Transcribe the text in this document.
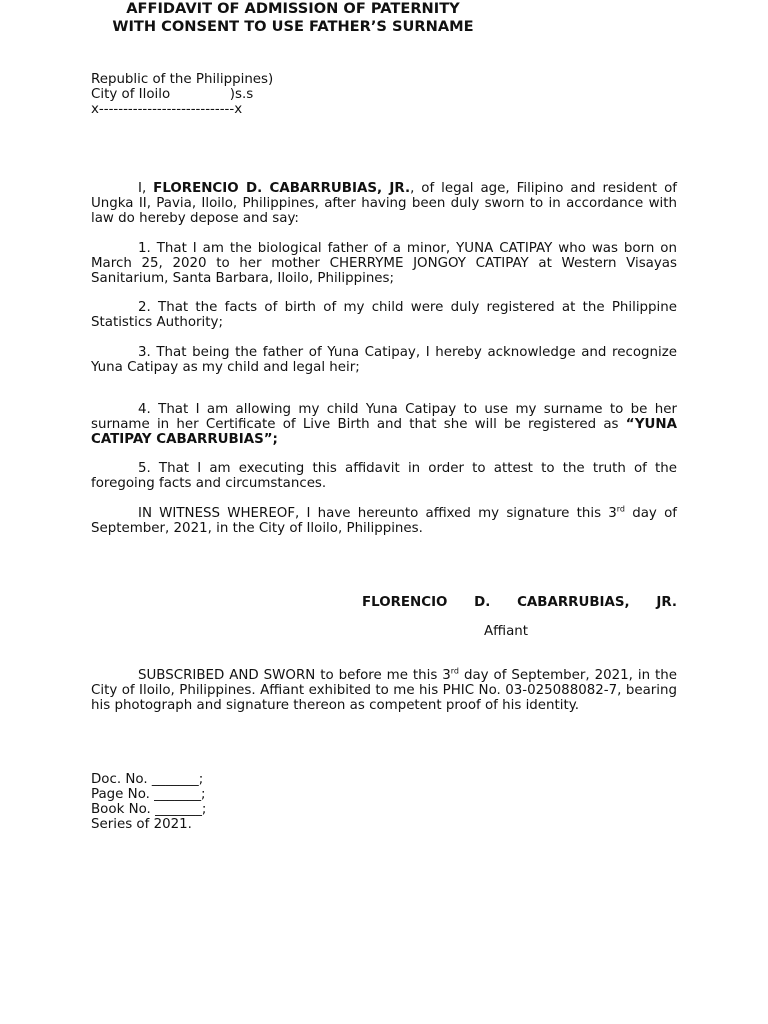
Republic of the Philippines)
City of Iloilo              )s.s
x----------------------------x
AFFIDAVIT OF ADMISSION OF PATERNITY
WITH CONSENT TO USE FATHER’S SURNAME
I, FLORENCIO D. CABARRUBIAS, JR., of legal age, Filipino and resident of Ungka II, Pavia, Iloilo, Philippines, after having been duly sworn to in accordance with law do hereby depose and say:
1. That I am the biological father of a minor, YUNA CATIPAY who was born on March 25, 2020 to her mother CHERRYME JONGOY CATIPAY at Western Visayas Sanitarium, Santa Barbara, Iloilo, Philippines;
2. That the facts of birth of my child were duly registered at the Philippine Statistics Authority;
3. That being the father of Yuna Catipay, I hereby acknowledge and recognize Yuna Catipay as my child and legal heir;
4. That I am allowing my child Yuna Catipay to use my surname to be her surname in her Certificate of Live Birth and that she will be registered as “YUNA CATIPAY CABARRUBIAS”;
5. That I am executing this affidavit in order to attest to the truth of the foregoing facts and circumstances.
IN WITNESS WHEREOF, I have hereunto affixed my signature this 3rd day of September, 2021, in the City of Iloilo, Philippines.
FLORENCIO D. CABARRUBIAS, JR.
Affiant
SUBSCRIBED AND SWORN to before me this 3rd day of September, 2021, in the City of Iloilo, Philippines. Affiant exhibited to me his PHIC No. 03-025088082-7, bearing his photograph and signature thereon as competent proof of his identity.
Doc. No. _______;
Page No. _______;
Book No. _______;
Series of 2021.
